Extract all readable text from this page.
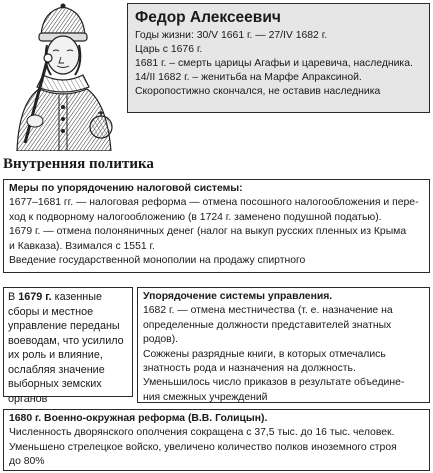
Федор Алексеевич
Годы жизни: 30/V 1661 г. — 27/IV 1682 г.
Царь с 1676 г.
1681 г. – смерть царицы Агафьи и царевича, наследника.
14/II 1682 г. – женитьба на Марфе Апраксиной.
Скоропостижно скончался, не оставив наследника
Внутренняя политика
Меры по упорядочению налоговой системы:
1677–1681 гг. — налоговая реформа — отмена посошного налогообложения и пере-
ход к подворному налогообложению (в 1724 г. заменено подушной податью).
1679 г. — отмена полоняничных денег (налог на выкуп русских пленных из Крыма
и Кавказа). Взимался с 1551 г.
Введение государственной монополии на продажу спиртного
В 1679 г. казенные
сборы и местное
управление переданы
воеводам, что усилило
их роль и влияние,
ослабляя значение
выборных земских
органов
Упорядочение системы управления.
1682 г. — отмена местничества (т. е. назначение на
определенные должности представителей знатных
родов).
Сожжены разрядные книги, в которых отмечались
знатность рода и назначения на должность.
Уменьшилось число приказов в результате объедине-
ния смежных учреждений
1680 г. Военно-окружная реформа (В.В. Голицын).
Численность дворянского ополчения сокращена с 37,5 тыс. до 16 тыс. человек.
Уменьшено стрелецкое войско, увеличено количество полков иноземного строя
до 80%
